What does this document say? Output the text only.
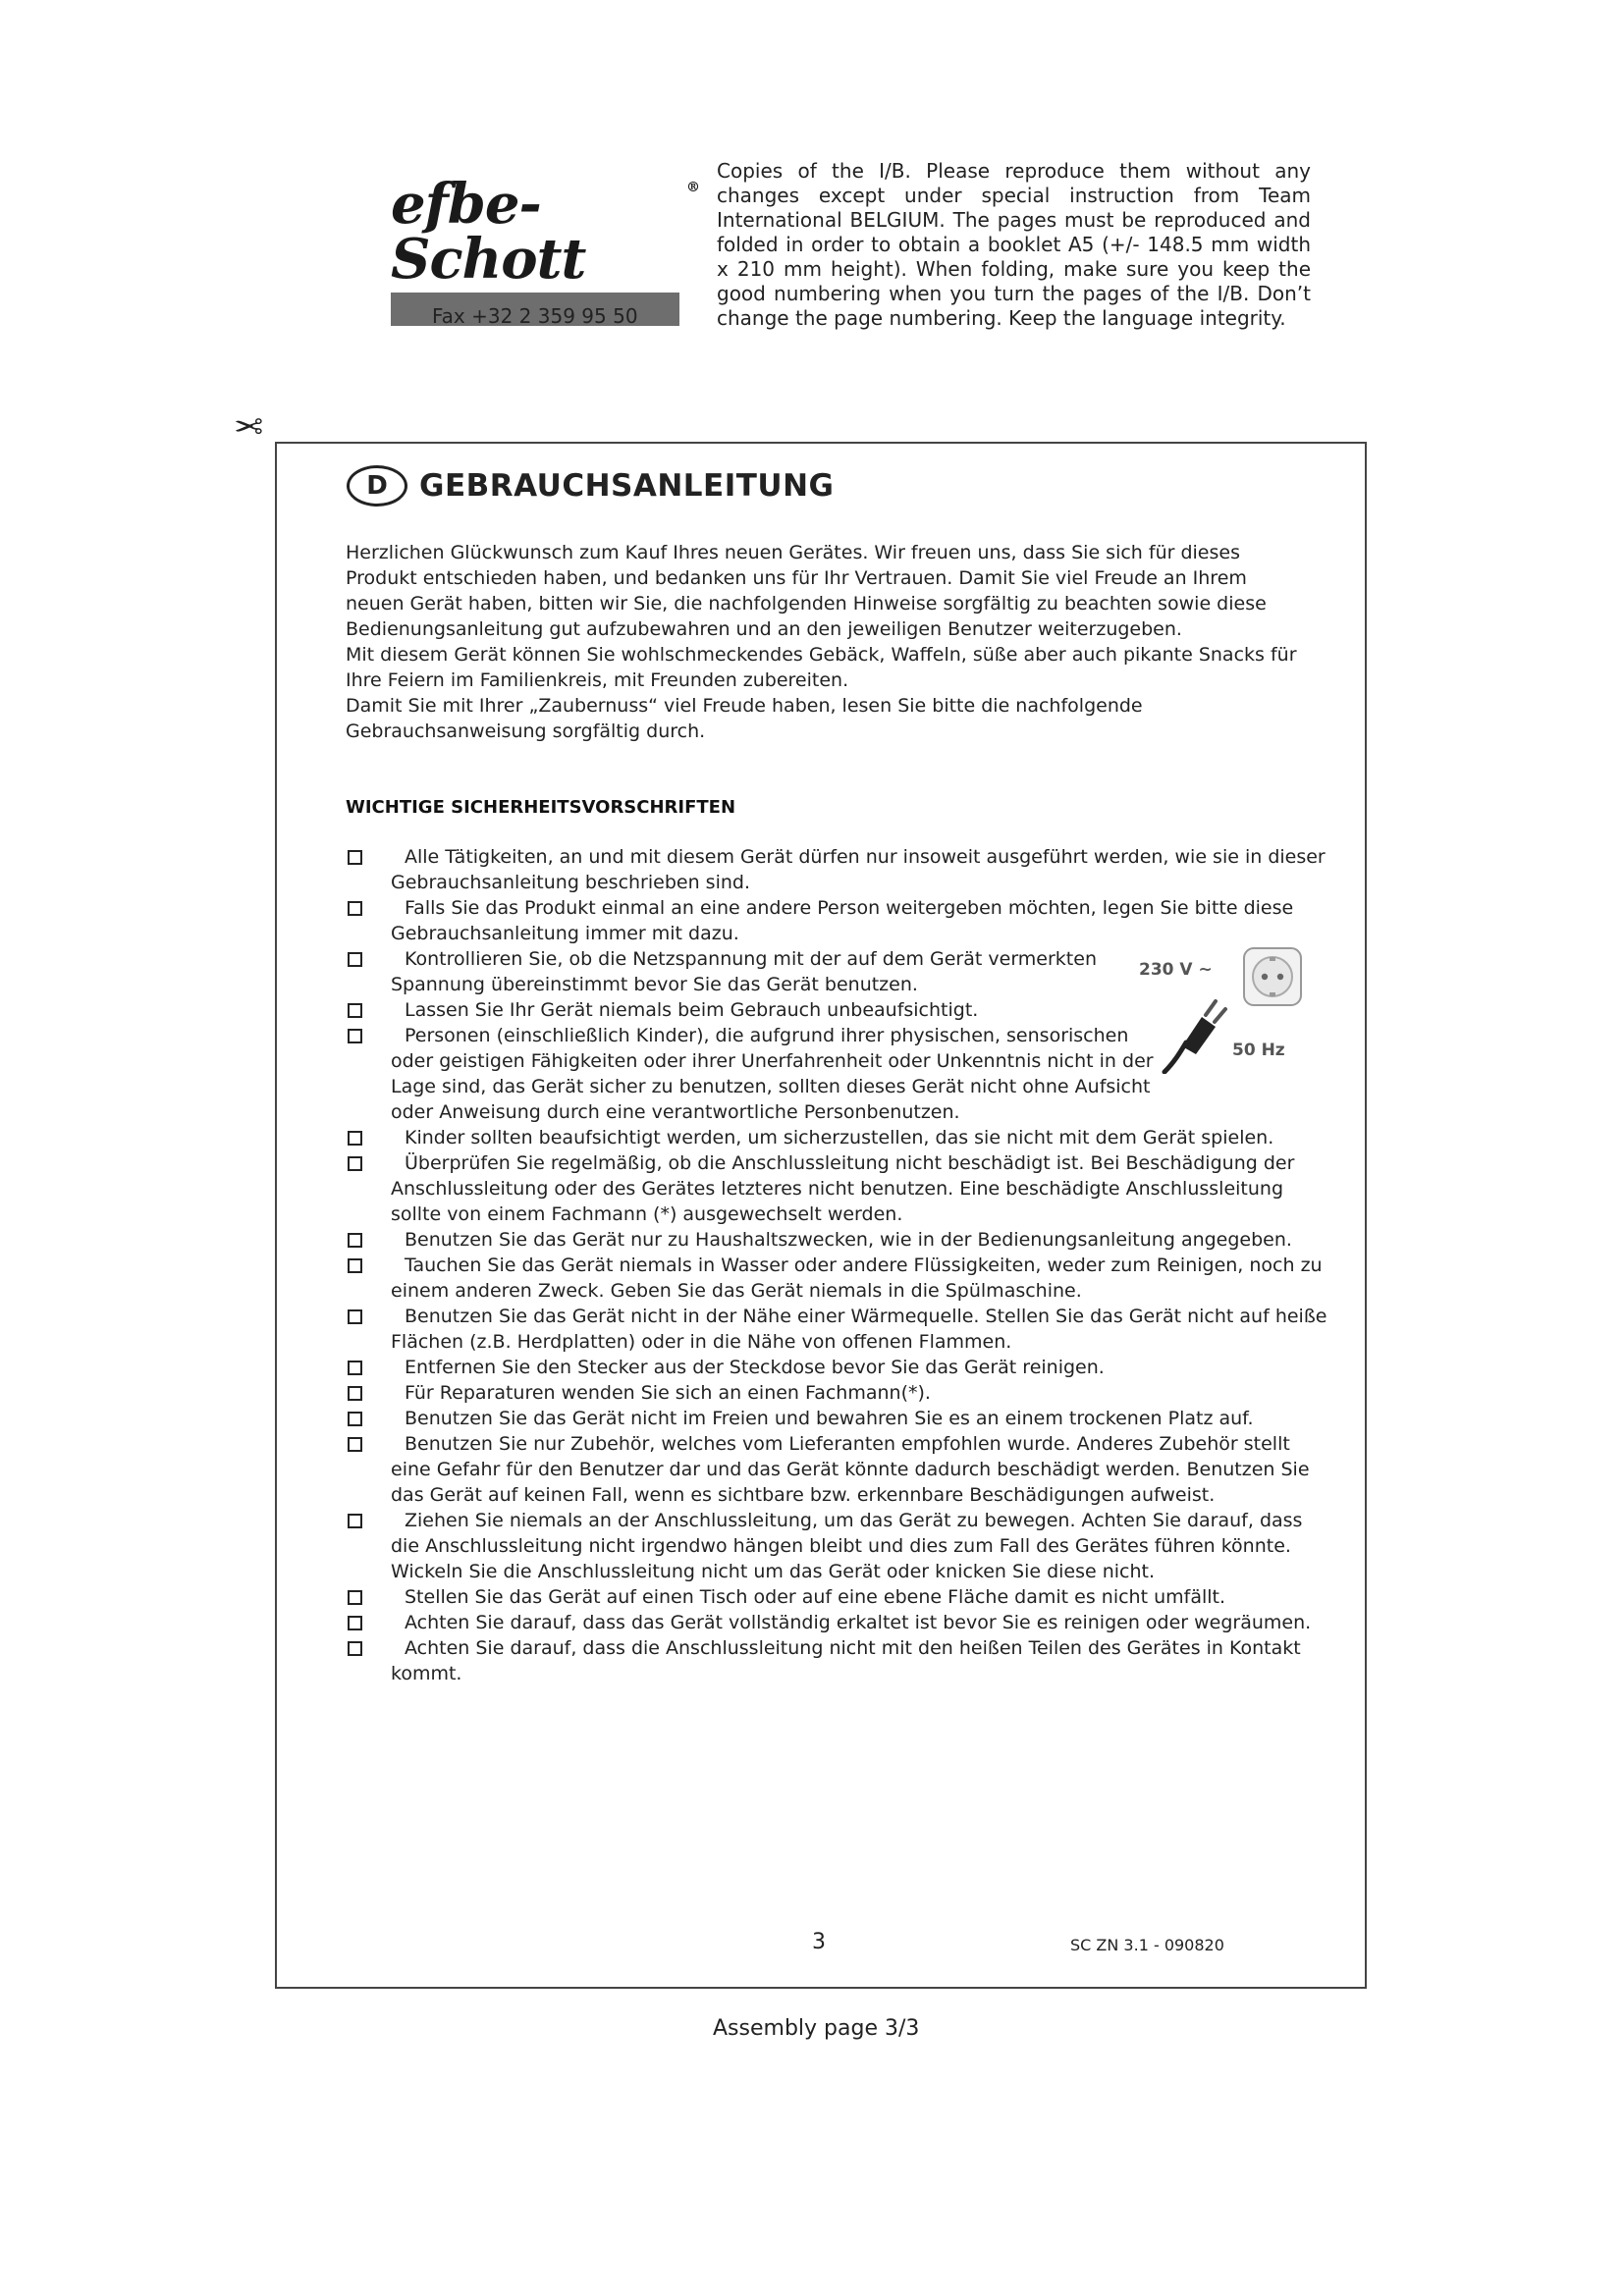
efbe-Schott
®
Fax +32 2 359 95 50
Copies of the I/B. Please reproduce them without any changes except under special instruction from Team International BELGIUM. The pages must be reproduced and folded in order to obtain a booklet A5 (+/- 148.5 mm width x 210 mm height). When folding, make sure you keep the good numbering when you turn the pages of the I/B. Don’t change the page numbering. Keep the language integrity.
✂
D	GEBRAUCHSANLEITUNG

Herzlichen Glückwunsch zum Kauf Ihres neuen Gerätes. Wir freuen uns, dass Sie sich für dieses Produkt entschieden haben, und bedanken uns für Ihr Vertrauen. Damit Sie viel Freude an Ihrem neuen Gerät haben, bitten wir Sie, die nachfolgenden Hinweise sorgfältig zu beachten sowie diese Bedienungsanleitung gut aufzubewahren und an den jeweiligen Benutzer weiterzugeben.

Mit diesem Gerät können Sie wohlschmeckendes Gebäck, Waffeln, süße aber auch pikante Snacks für Ihre Feiern im Familienkreis, mit Freunden zubereiten.

Damit Sie mit Ihrer „Zaubernuss“ viel Freude haben, lesen Sie bitte die nachfolgende Gebrauchsanweisung sorgfältig durch.

WICHTIGE SICHERHEITSVORSCHRIFTEN
Alle Tätigkeiten, an und mit diesem Gerät dürfen nur insoweit ausgeführt werden, wie sie in dieser Gebrauchsanleitung beschrieben sind.
Falls Sie das Produkt einmal an eine andere Person weitergeben möchten, legen Sie bitte diese Gebrauchsanleitung immer mit dazu.
Kontrollieren Sie, ob die Netzspannung mit der auf dem Gerät vermerkten Spannung übereinstimmt bevor Sie das Gerät benutzen.
Lassen Sie Ihr Gerät niemals beim Gebrauch unbeaufsichtigt.
Personen (einschließlich Kinder), die aufgrund ihrer physischen, sensorischen oder geistigen Fähigkeiten oder ihrer Unerfahrenheit oder Unkenntnis nicht in der Lage sind, das Gerät sicher zu benutzen, sollten dieses Gerät nicht ohne Aufsicht oder Anweisung durch eine verantwortliche Personbenutzen.
Kinder sollten beaufsichtigt werden, um sicherzustellen, das sie nicht mit dem Gerät spielen.
Überprüfen Sie regelmäßig, ob die Anschlussleitung nicht beschädigt ist. Bei Beschädigung der Anschlussleitung oder des Gerätes letzteres nicht benutzen. Eine beschädigte Anschlussleitung sollte von einem Fachmann (*) ausgewechselt werden.
Benutzen Sie das Gerät nur zu Haushaltszwecken, wie in der Bedienungsanleitung angegeben.
Tauchen Sie das Gerät niemals in Wasser oder andere Flüssigkeiten, weder zum Reinigen, noch zu einem anderen Zweck. Geben Sie das Gerät niemals in die Spülmaschine.
Benutzen Sie das Gerät nicht in der Nähe einer Wärmequelle. Stellen Sie das Gerät nicht auf heiße Flächen (z.B. Herdplatten) oder in die Nähe von offenen Flammen.
Entfernen Sie den Stecker aus der Steckdose bevor Sie das Gerät reinigen.
Für Reparaturen wenden Sie sich an einen Fachmann(*).
Benutzen Sie das Gerät nicht im Freien und bewahren Sie es an einem trockenen Platz auf.
Benutzen Sie nur Zubehör, welches vom Lieferanten empfohlen wurde. Anderes Zubehör stellt eine Gefahr für den Benutzer dar und das Gerät könnte dadurch beschädigt werden. Benutzen Sie das Gerät auf keinen Fall, wenn es sichtbare bzw. erkennbare Beschädigungen aufweist.
Ziehen Sie niemals an der Anschlussleitung, um das Gerät zu bewegen. Achten Sie darauf, dass die Anschlussleitung nicht irgendwo hängen bleibt und dies zum Fall des Gerätes führen könnte. Wickeln Sie die Anschlussleitung nicht um das Gerät oder knicken Sie diese nicht.
Stellen Sie das Gerät auf einen Tisch oder auf eine ebene Fläche damit es nicht umfällt.
Achten Sie darauf, dass das Gerät vollständig erkaltet ist bevor Sie es reinigen oder wegräumen.
Achten Sie darauf, dass die Anschlussleitung nicht mit den heißen Teilen des Gerätes in Kontakt kommt.
230 V ~
50 Hz
3	SC ZN 3.1 - 090820
Assembly page 3/3
